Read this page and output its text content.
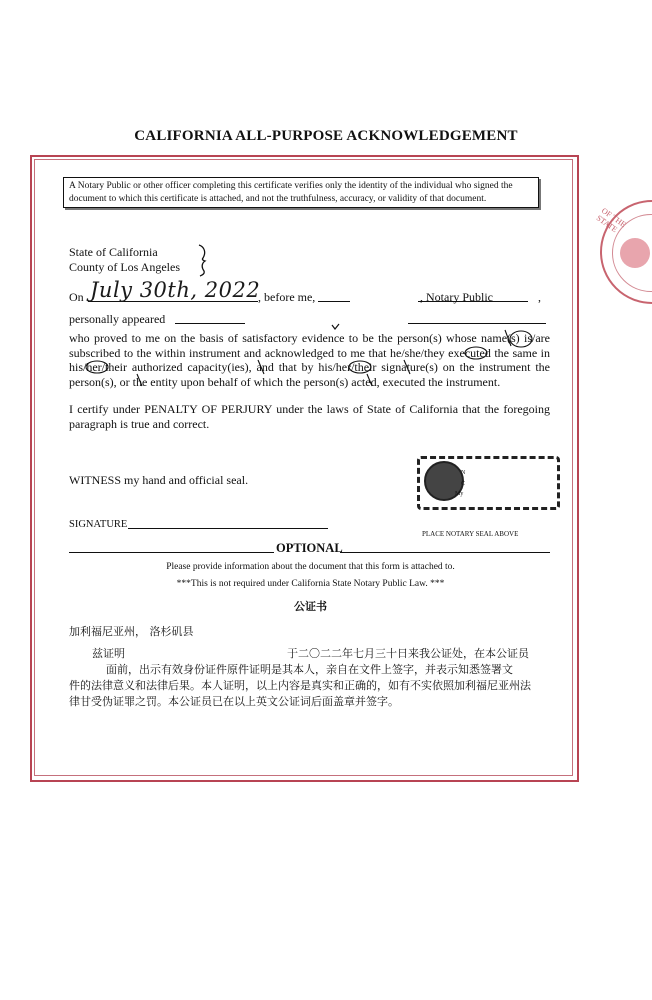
CALIFORNIA ALL-PURPOSE ACKNOWLEDGEMENT
A Notary Public or other officer completing this certificate verifies only the identity of the individual who signed the document to which this certificate is attached, and not the truthfulness, accuracy, or validity of that document.
State of California
County of Los Angeles
On July 30th, 2022
, before me,	, Notary Public	,
personally appeared
who proved to me on the basis of satisfactory evidence to be the person(s) whose name(s) is/are subscribed to the within instrument and acknowledged to me that he/she/they executed the same in his/her/their authorized capacity(ies), and that by his/her/their signature(s) on the instrument the person(s), or the entity upon behalf of which the person(s) acted, executed the instrument.
I certify under PENALTY OF PERJURY under the laws of State of California that the foregoing paragraph is true and correct.
WITNESS my hand and official seal.	N
C
My
SIGNATURE
PLACE NOTARY SEAL ABOVE
OPTIONAL
Please provide information about the document that this form is attached to.
***This is not required under California State Notary Public Law. ***
公证书
加利福尼亚州， 洛杉矶县
兹证明	于二〇二二年七月三十日来我公证处，在本公证员
面前，出示有效身份证件原件证明是其本人，亲自在文件上签字，并表示知悉签署文
件的法律意义和法律后果。本人证明，以上内容是真实和正确的，如有不实依照加利福尼亚州法
律甘受伪证罪之罚。本公证员已在以上英文公证词后面盖章并签字。
OF THE STATE
